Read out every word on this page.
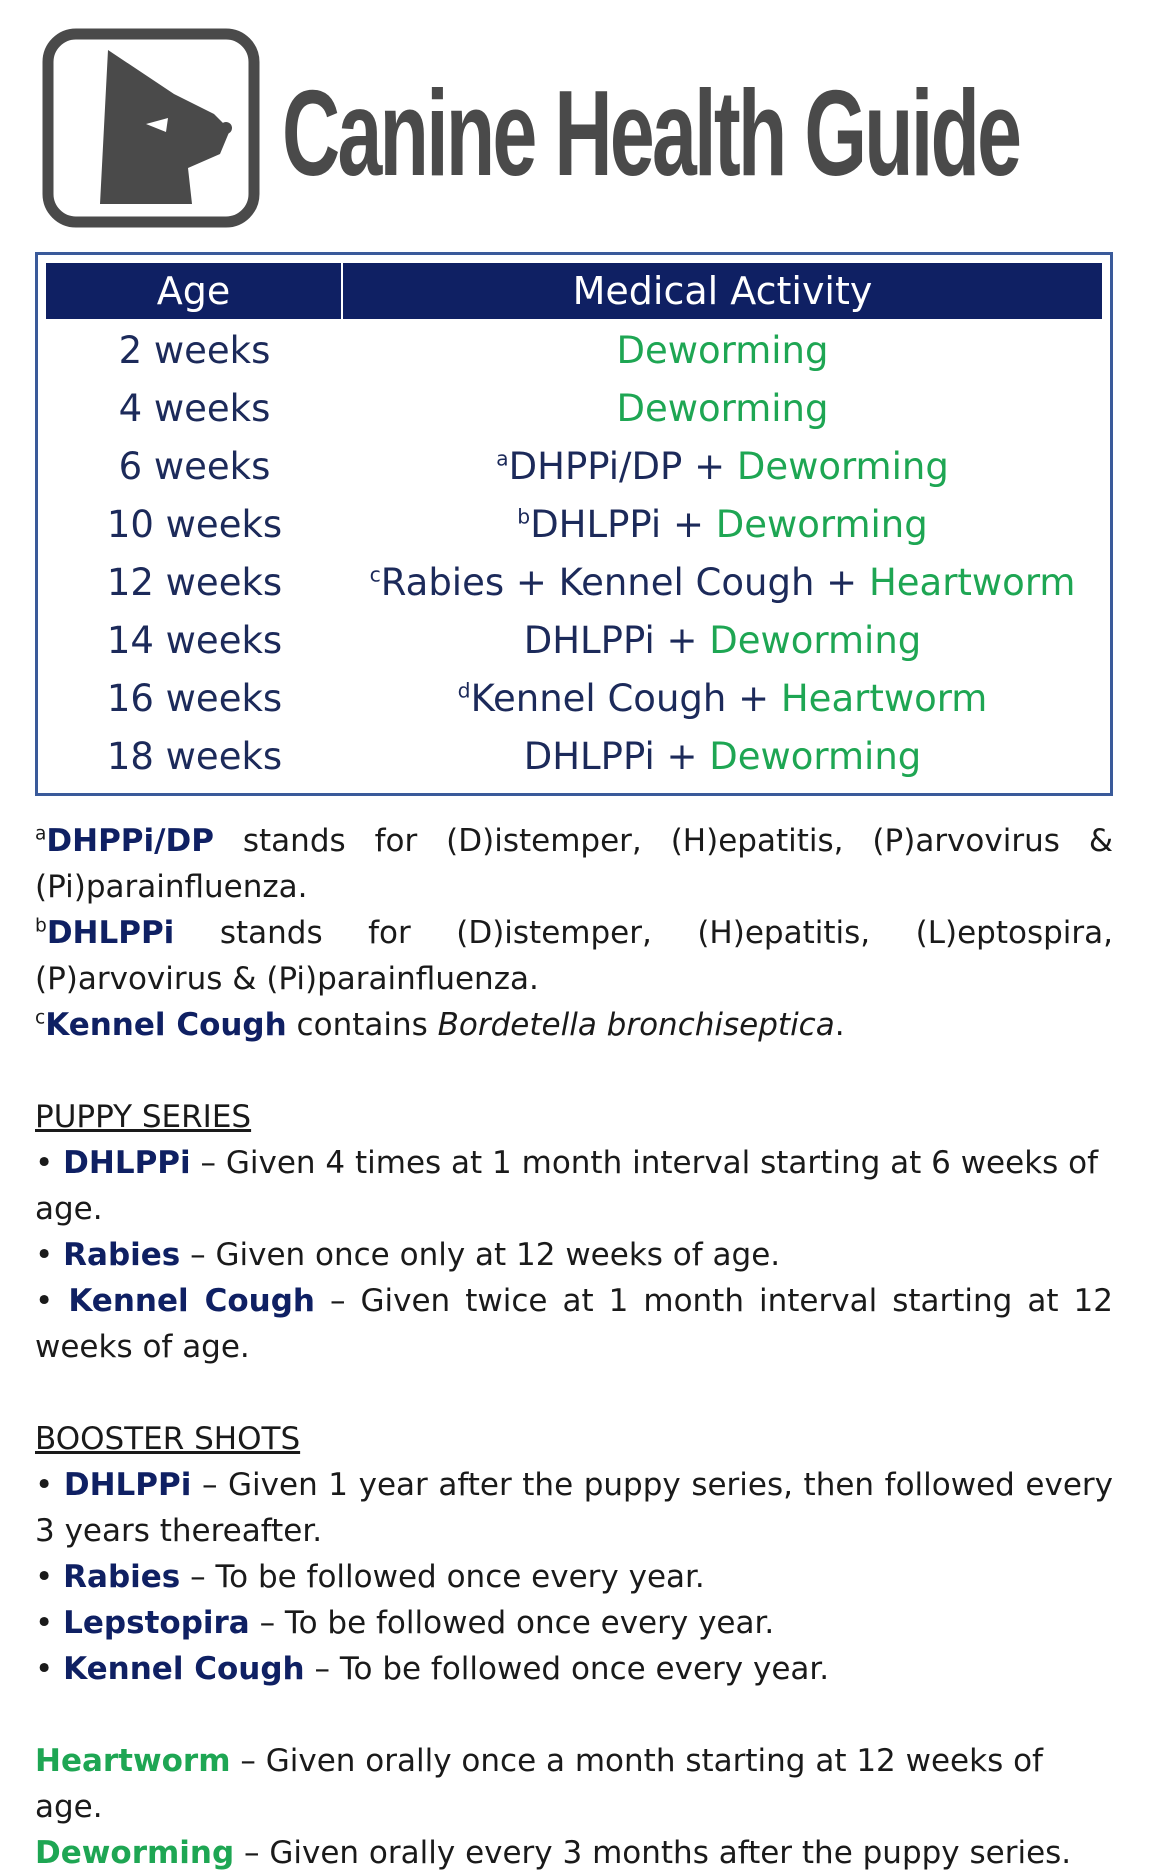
Canine Health Guide
Age	Medical Activity
2 weeks	Deworming
4 weeks	Deworming
6 weeks	$^a$DHPPi/DP + Deworming
10 weeks	$^b$DHLPPi + Deworming
12 weeks	$^c$Rabies + Kennel Cough + Heartworm
14 weeks	DHLPPi + Deworming
16 weeks	$^d$Kennel Cough + Heartworm
18 weeks	DHLPPi + Deworming

$^a$DHPPi/DP stands for (D)istemper, (H)epatitis, (P)arvovirus & (Pi)parainfluenza.

$^b$DHLPPi stands for (D)istemper, (H)epatitis, (L)eptospira, (P)arvovirus & (Pi)parainfluenza.

$^c$Kennel Cough contains Bordetella bronchiseptica.

PUPPY SERIES

• DHLPPi – Given 4 times at 1 month interval starting at 6 weeks of age.

• Rabies – Given once only at 12 weeks of age.

• Kennel Cough – Given twice at 1 month interval starting at 12 weeks of age.

BOOSTER SHOTS

• DHLPPi – Given 1 year after the puppy series, then followed every 3 years thereafter.

• Rabies – To be followed once every year.

• Lepstopira – To be followed once every year.

• Kennel Cough – To be followed once every year.

Heartworm – Given orally once a month starting at 12 weeks of age.

Deworming – Given orally every 3 months after the puppy series.
